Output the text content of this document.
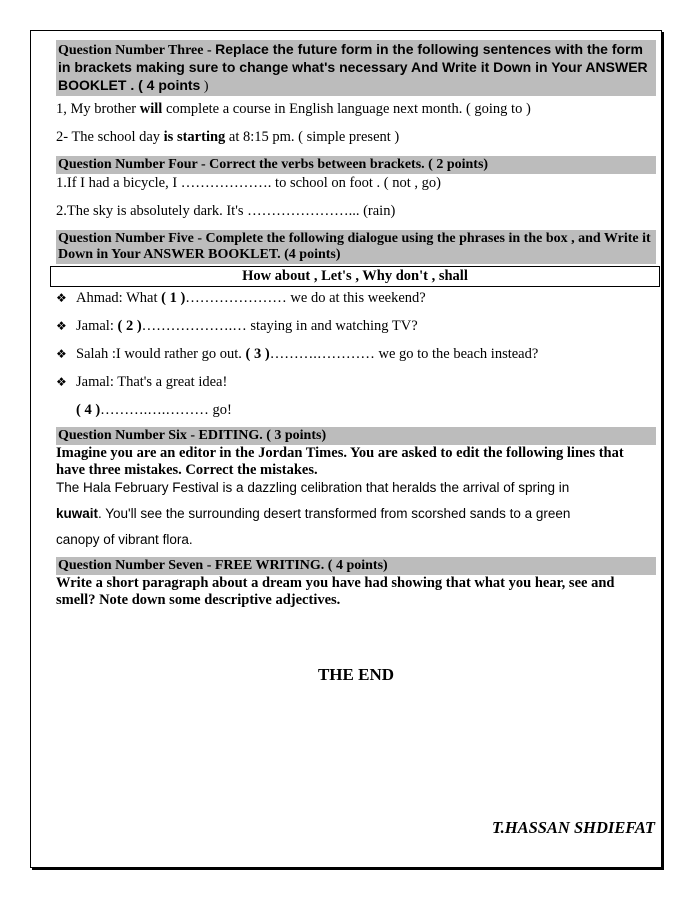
Question Number Three - Replace the future form in the following sentences with the form in brackets making sure to change what's necessary And Write it Down in Your ANSWER BOOKLET . ( 4 points )

1, My brother will complete a course in English language next month. ( going to )

2- The school day is starting at 8:15 pm. ( simple present )

Question Number Four - Correct the verbs between brackets. ( 2 points)

1.If I had a bicycle, I ………………. to school on foot . ( not , go)

2.The sky is absolutely dark. It's …………………... (rain)

Question Number Five - Complete the following dialogue using the phrases in the box , and Write it Down in Your ANSWER BOOKLET. (4 points)
How about , Let's , Why don't , shall
❖ Ahmad: What ( 1 )………………… we do at this weekend?
❖ Jamal: ( 2 )……………….… staying in and watching TV?
❖ Salah :I would rather go out. ( 3 )……….………… we go to the beach instead?
❖ Jamal: That's a great idea!

( 4 )……….….……… go!

Question Number Six - EDITING. ( 3 points)

Imagine you are an editor in the Jordan Times. You are asked to edit the following lines that have three mistakes. Correct the mistakes.

The Hala February Festival is a dazzling celibration that heralds the arrival of spring in
kuwait. You'll see the surrounding desert transformed from scorshed sands to a green
canopy of vibrant flora.

Question Number Seven - FREE WRITING. ( 4 points)

Write a short paragraph about a dream you have had showing that what you hear, see and smell? Note down some descriptive adjectives.

THE END
T.HASSAN SHDIEFAT
